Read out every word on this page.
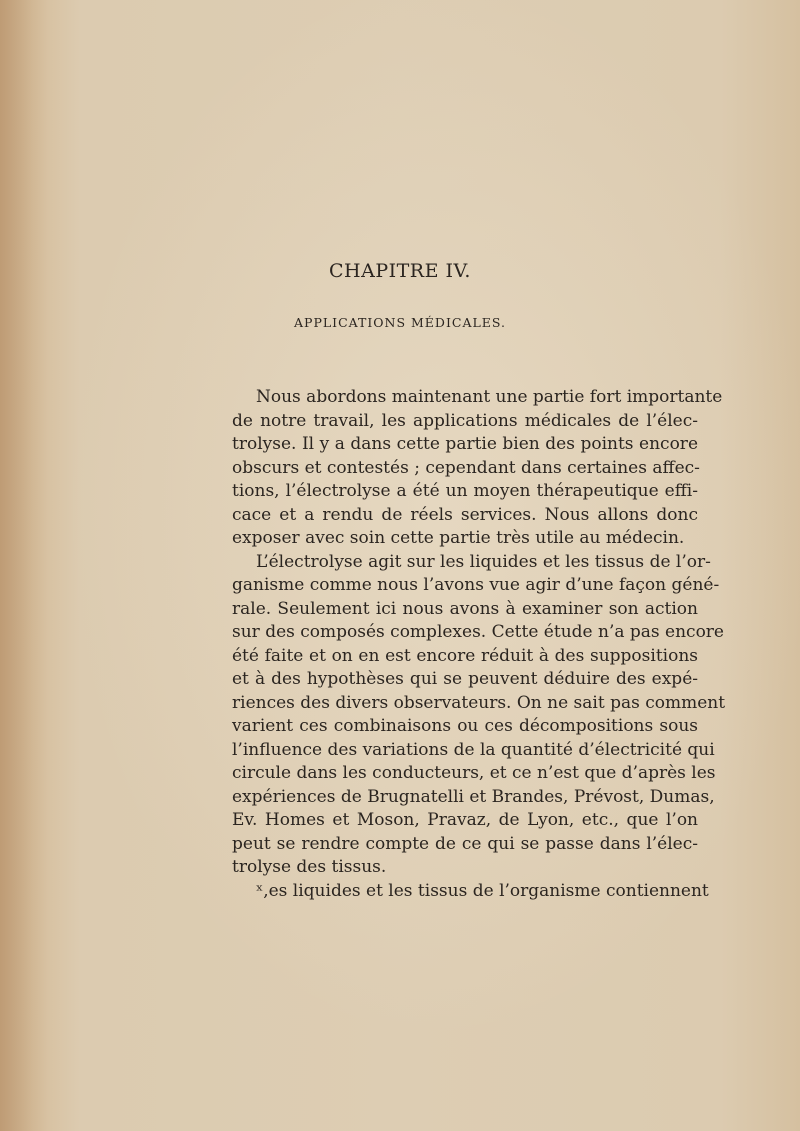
CHAPITRE IV.
APPLICATIONS MÉDICALES.
Nous abordons maintenant une partie fort importante
de notre travail, les applications médicales de l’élec-
trolyse. Il y a dans cette partie bien des points encore
obscurs et contestés ; cependant dans certaines affec-
tions, l’électrolyse a été un moyen thérapeutique effi-
cace et a rendu de réels services. Nous allons donc
exposer avec soin cette partie très utile au médecin.
L’électrolyse agit sur les liquides et les tissus de l’or-
ganisme comme nous l’avons vue agir d’une façon géné-
rale. Seulement ici nous avons à examiner son action
sur des composés complexes. Cette étude n’a pas encore
été faite et on en est encore réduit à des suppositions
et à des hypothèses qui se peuvent déduire des expé-
riences des divers observateurs. On ne sait pas comment
varient ces combinaisons ou ces décompositions sous
l’influence des variations de la quantité d’électricité qui
circule dans les conducteurs, et ce n’est que d’après les
expériences de Brugnatelli et Brandes, Prévost, Dumas,
Ev. Homes et Moson, Pravaz, de Lyon, etc., que l’on
peut se rendre compte de ce qui se passe dans l’élec-
trolyse des tissus.
ˣ,es liquides et les tissus de l’organisme contiennent
